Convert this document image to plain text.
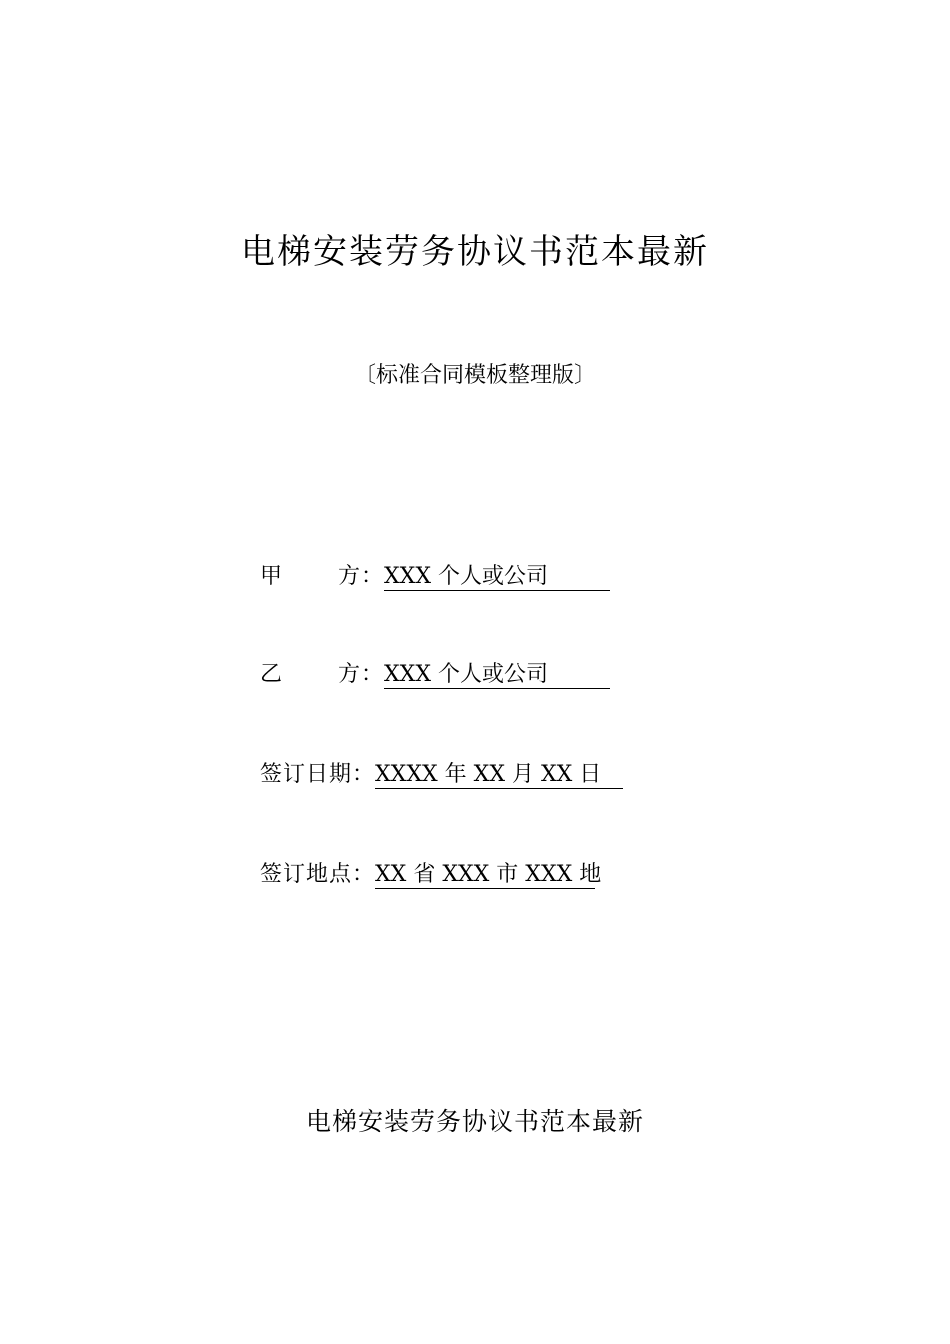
电梯安装劳务协议书范本最新
〔标准合同模板整理版〕
甲 方：XXX 个人或公司
乙 方：XXX 个人或公司
签订日期：XXXX 年 XX 月 XX 日
签订地点：XX 省 XXX 市 XXX 地
电梯安装劳务协议书范本最新
